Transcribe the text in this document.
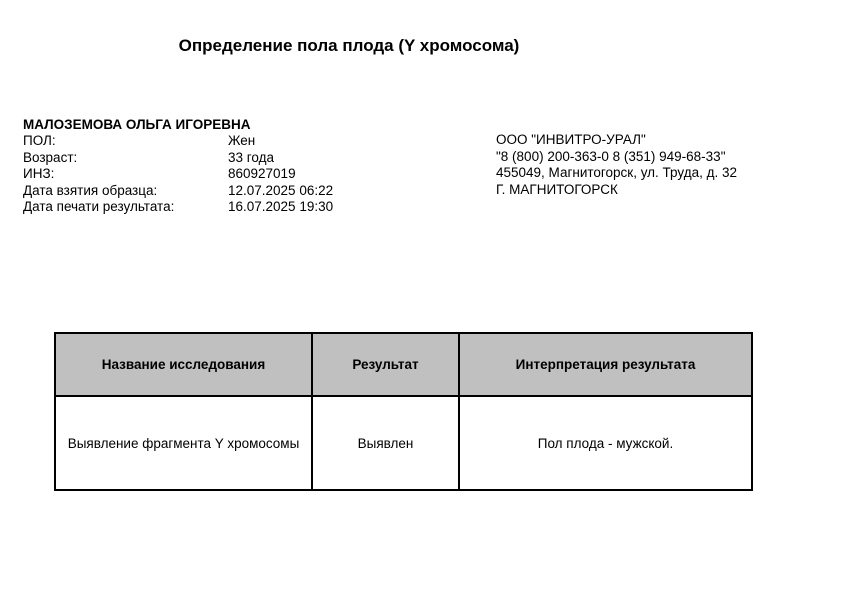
Определение пола плода (Y хромосома)
МАЛОЗЕМОВА ОЛЬГА ИГОРЕВНА
ПОЛ:	Жен
Возраст:	33 года
ИНЗ:	860927019
Дата взятия образца:	12.07.2025 06:22
Дата печати результата:	16.07.2025 19:30
ООО "ИНВИТРО-УРАЛ"
"8 (800) 200-363-0 8 (351) 949-68-33"
455049, Магнитогорск, ул. Труда, д. 32
Г. МАГНИТОГОРСК
Название исследования	Результат	Интерпретация результата
Выявление фрагмента Y хромосомы	Выявлен	Пол плода - мужской.
